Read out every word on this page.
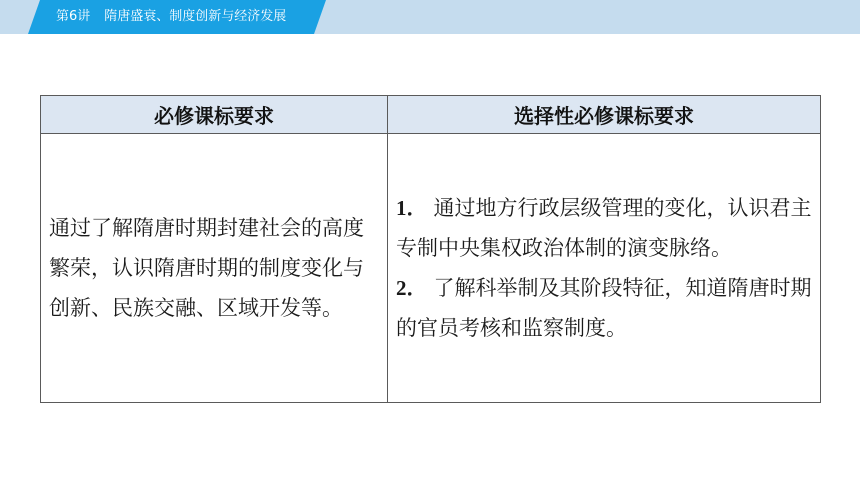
第6讲 隋唐盛衰、制度创新与经济发展
必修课标要求	选择性必修课标要求
通过了解隋唐时期封建社会的高度繁荣，认识隋唐时期的制度变化与创新、民族交融、区域开发等。	1． 通过地方行政层级管理的变化，认识君主专制中央集权政治体制的演变脉络。
2． 了解科举制及其阶段特征，知道隋唐时期的官员考核和监察制度。
